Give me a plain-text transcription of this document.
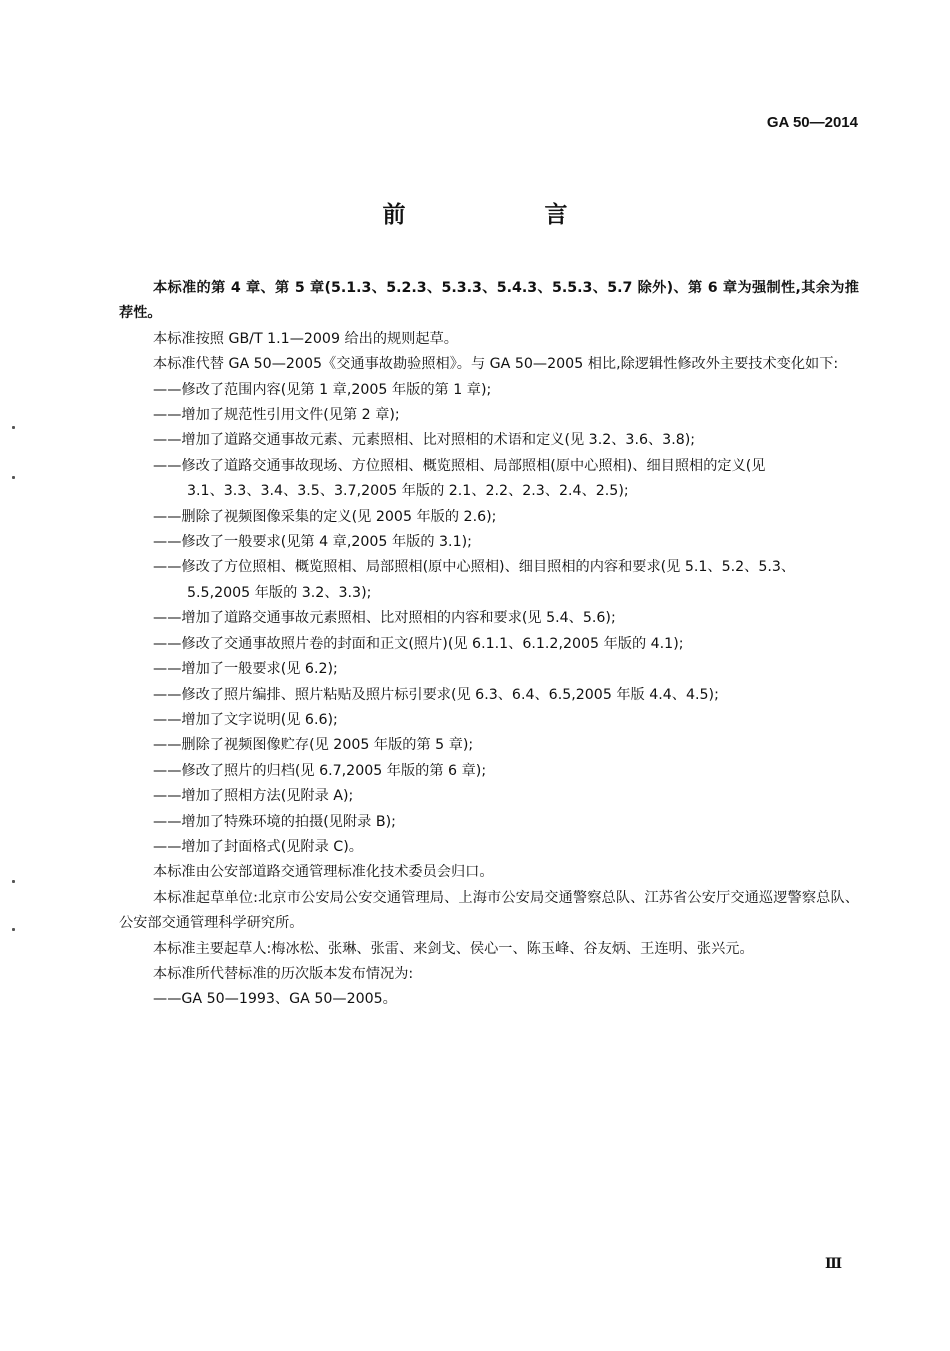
GA 50—2014
前　言

本标准的第 4 章、第 5 章(5.1.3、5.2.3、5.3.3、5.4.3、5.5.3、5.7 除外)、第 6 章为强制性,其余为推荐性。

本标准按照 GB/T 1.1—2009 给出的规则起草。

本标准代替 GA 50—2005《交通事故勘验照相》。与 GA 50—2005 相比,除逻辑性修改外主要技术变化如下:

——修改了范围内容(见第 1 章,2005 年版的第 1 章);

——增加了规范性引用文件(见第 2 章);

——增加了道路交通事故元素、元素照相、比对照相的术语和定义(见 3.2、3.6、3.8);

——修改了道路交通事故现场、方位照相、概览照相、局部照相(原中心照相)、细目照相的定义(见
3.1、3.3、3.4、3.5、3.7,2005 年版的 2.1、2.2、2.3、2.4、2.5);

——删除了视频图像采集的定义(见 2005 年版的 2.6);

——修改了一般要求(见第 4 章,2005 年版的 3.1);

——修改了方位照相、概览照相、局部照相(原中心照相)、细目照相的内容和要求(见 5.1、5.2、5.3、
5.5,2005 年版的 3.2、3.3);

——增加了道路交通事故元素照相、比对照相的内容和要求(见 5.4、5.6);

——修改了交通事故照片卷的封面和正文(照片)(见 6.1.1、6.1.2,2005 年版的 4.1);

——增加了一般要求(见 6.2);

——修改了照片编排、照片粘贴及照片标引要求(见 6.3、6.4、6.5,2005 年版 4.4、4.5);

——增加了文字说明(见 6.6);

——删除了视频图像贮存(见 2005 年版的第 5 章);

——修改了照片的归档(见 6.7,2005 年版的第 6 章);

——增加了照相方法(见附录 A);

——增加了特殊环境的拍摄(见附录 B);

——增加了封面格式(见附录 C)。

本标准由公安部道路交通管理标准化技术委员会归口。

本标准起草单位:北京市公安局公安交通管理局、上海市公安局交通警察总队、江苏省公安厅交通巡逻警察总队、公安部交通管理科学研究所。

本标准主要起草人:梅冰松、张琳、张雷、来剑戈、侯心一、陈玉峰、谷友炳、王连明、张兴元。

本标准所代替标准的历次版本发布情况为:

——GA 50—1993、GA 50—2005。

Ⅲ
